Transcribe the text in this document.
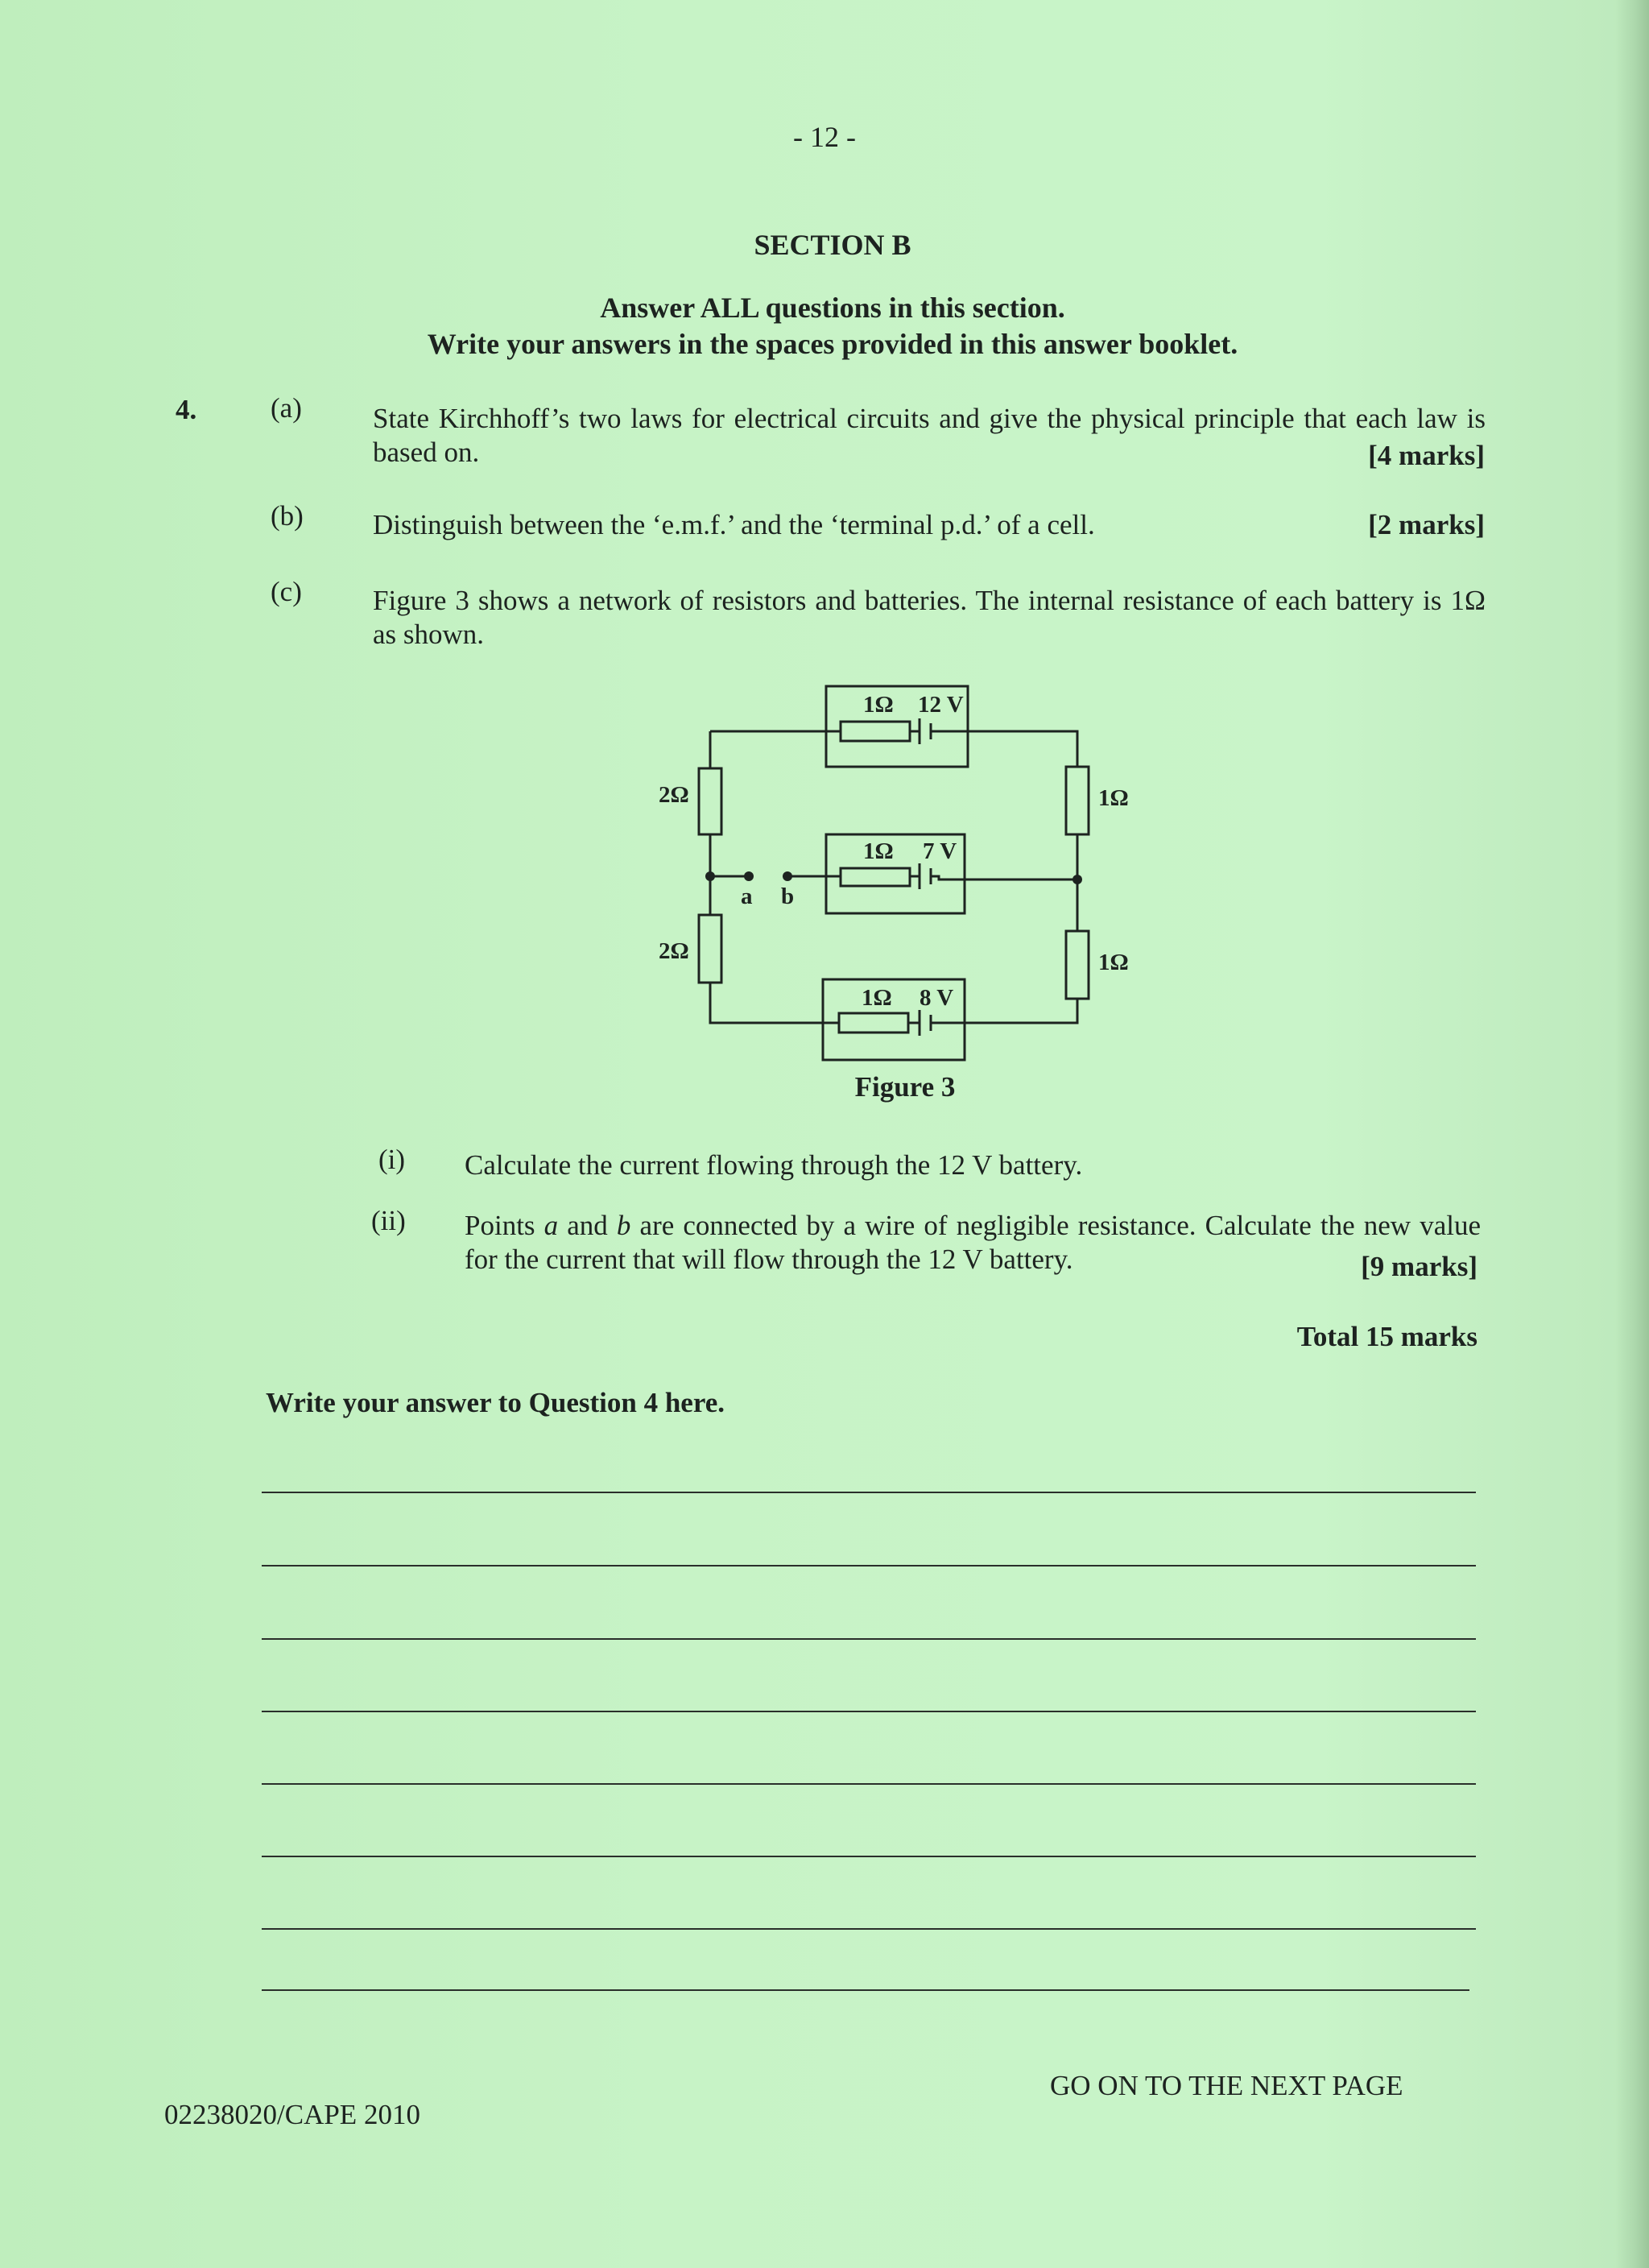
- 12 -
SECTION B
Answer ALL questions in this section.
Write your answers in the spaces provided in this answer booklet.
4.	(a)	State Kirchhoff’s two laws for electrical circuits and give the physical principle that each law is based on.	[4 marks]
(b) Distinguish between the ‘e.m.f.’ and the ‘terminal p.d.’ of a cell.	[2 marks]
(c)	Figure 3 shows a network of resistors and batteries. The internal resistance of each battery is 1Ω as shown.
1Ω 12 V
1Ω 7 V
1Ω 8 V
2Ω
2Ω
1Ω
1Ω
a b
Figure 3
(i) Calculate the current flowing through the 12 V battery.
(ii) Points a and b are connected by a wire of negligible resistance. Calculate the new value for the current that will flow through the 12 V battery.	[9 marks]
Total 15 marks
Write your answer to Question 4 here.
GO ON TO THE NEXT PAGE
02238020/CAPE 2010
